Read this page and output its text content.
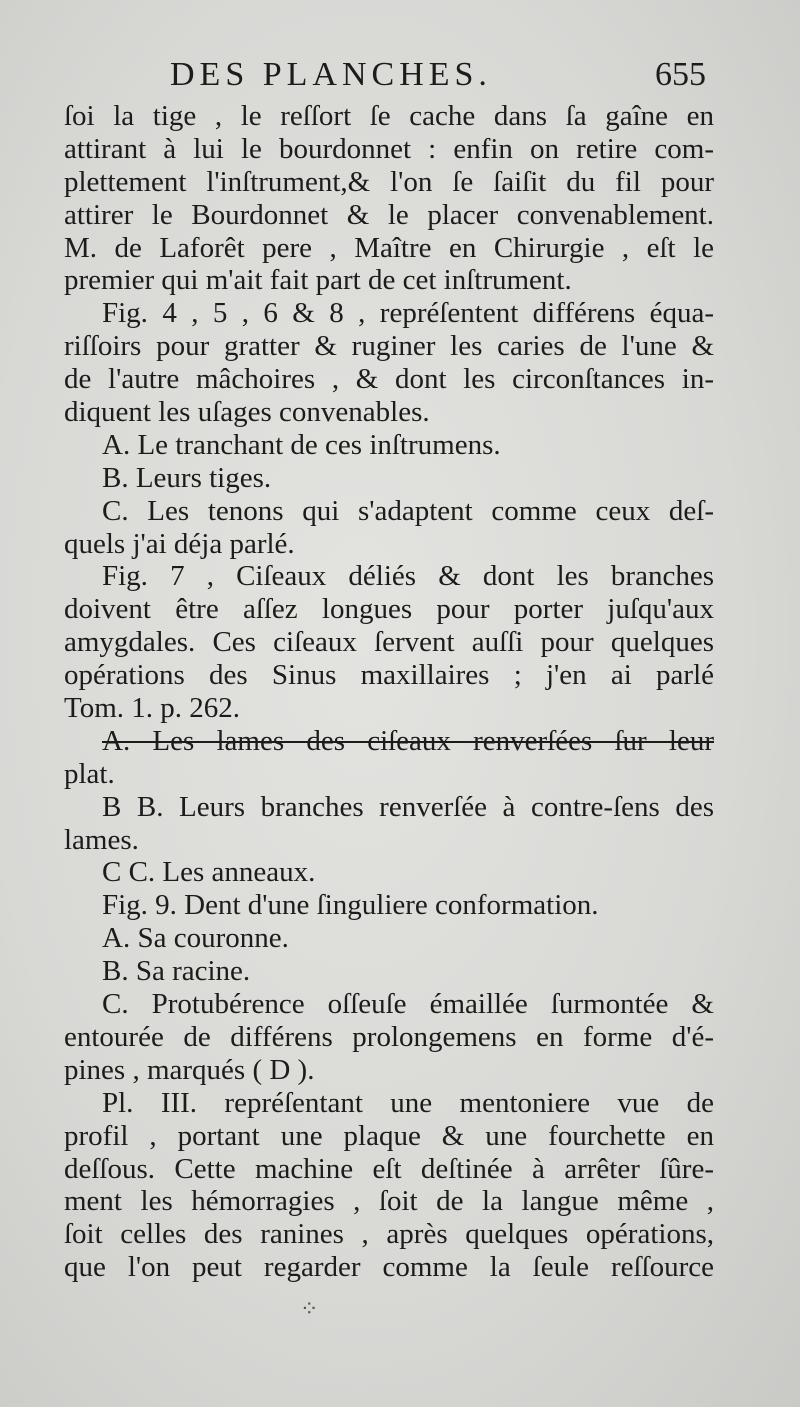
DES PLANCHES.	655
ſoi la tige , le reſſort ſe cache dans ſa gaîne en
attirant à lui le bourdonnet : enfin on retire com-
plettement l'inſtrument,& l'on ſe ſaiſit du fil pour
attirer le Bourdonnet & le placer convenablement.
M. de Laforêt pere , Maître en Chirurgie , eſt le
premier qui m'ait fait part de cet inſtrument.
Fig. 4 , 5 , 6 & 8 , repréſentent différens équa-
riſſoirs pour gratter & ruginer les caries de l'une &
de l'autre mâchoires , & dont les circonſtances in-
diquent les uſages convenables.
A. Le tranchant de ces inſtrumens.
B. Leurs tiges.
C. Les tenons qui s'adaptent comme ceux deſ-
quels j'ai déja parlé.
Fig. 7 , Ciſeaux déliés & dont les branches
doivent être aſſez longues pour porter juſqu'aux
amygdales. Ces ciſeaux ſervent auſſi pour quelques
opérations des Sinus maxillaires ; j'en ai parlé
Tom. 1. p. 262.
A. Les lames des ciſeaux renverſées ſur leur
plat.
B B. Leurs branches renverſée à contre-ſens des
lames.
C C. Les anneaux.
Fig. 9. Dent d'une ſinguliere conformation.
A. Sa couronne.
B. Sa racine.
C. Protubérence oſſeuſe émaillée ſurmontée &
entourée de différens prolongemens en forme d'é-
pines , marqués ( D ).
Pl. III. repréſentant une mentoniere vue de
profil , portant une plaque & une fourchette en
deſſous. Cette machine eſt deſtinée à arrêter ſûre-
ment les hémorragies , ſoit de la langue même ,
ſoit celles des ranines , après quelques opérations,
que l'on peut regarder comme la ſeule reſſource
⁘
